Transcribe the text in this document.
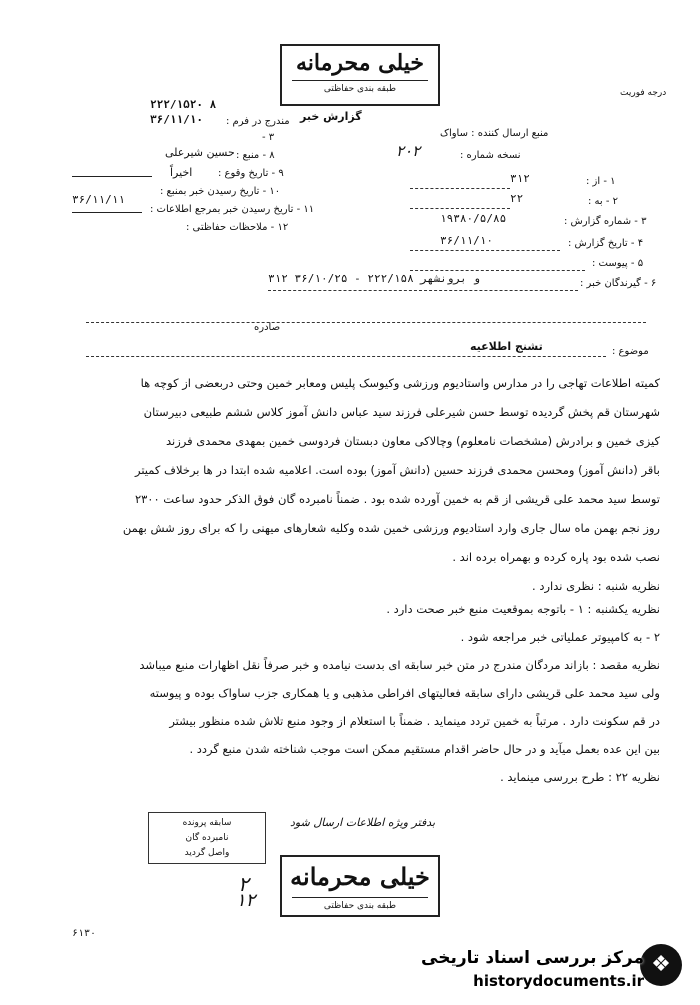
خیلی محرمانه
طبقه بندی حفاظتی	درجه فوریت
گزارش خبر
۲۲۲/۱۵۲۰ ۸
۳۶/۱۱/۱۰ مندرج در فرم :
۳ -
۸ - منبع :
حسین شیرعلی
۹ - تاریخ وقوع :
اخیراً
۱۰ - تاریخ رسیدن خبر بمنبع :
۱۱ - تاریخ رسیدن خبر بمرجع اطلاعات :
۳۶/۱۱/۱۱
۱۲ - ملاحظات حفاظتی :
منبع ارسال کننده : ساواک
نسخه شماره :
٢٠٢
۱ - از :
۳۱۲
۲ - به :
۲۲
۳ - شماره گزارش :
۱۹۳۸۰/۵/۸۵
۴ - تاریخ گزارش :
۳۶/۱۱/۱۰
۵ - پیوست :
۶ - گیرندگان خبر :
۳۱۲ و برونشهر ۲۲۲/۱۵۸ - ۳۶/۱۰/۲۵
صادره
موضوع :
تشنج اطلاعیه
کمیته اطلاعات تهاجی را در مدارس واستادیوم ورزشی وکیوسک پلیس ومعابر خمین وحتی دربعضی از کوچه ها
شهرستان قم پخش گردیده توسط حسن شیرعلی فرزند سید عباس دانش آموز کلاس ششم طبیعی دبیرستان
کیزی خمین و برادرش (مشخصات نامعلوم) وچالاکی معاون دبستان فردوسی خمین بمهدی محمدی فرزند
باقر (دانش آموز) ومحسن محمدی فرزند حسین (دانش آموز) بوده است. اعلامیه شده ابتدا در ها برخلاف کمیتر
توسط سید محمد علی قریشی از قم به خمین آورده شده بود . ضمناً نامبرده گان فوق الذکر حدود ساعت ۲۳۰۰
روز نجم بهمن ماه سال جاری وارد استادیوم ورزشی خمین شده وکلیه شعارهای میهنی را که برای روز شش بهمن
نصب شده بود پاره کرده و بهمراه برده اند .
نظریه شنبه : نظری ندارد .
نظریه یکشنبه : ۱ - باتوجه بموقعیت منبع خبر صحت دارد .
۲ - به کامپیوتر عملیاتی خبر مراجعه شود .
نظریه مقصد : بازاند مردگان مندرج در متن خبر سابقه ای بدست نیامده و خبر صرفاً نقل اظهارات منبع میباشد
ولی سید محمد علی قریشی دارای سابقه فعالیتهای افراطی مذهبی و یا همکاری جزب ساواک بوده و پیوسته
در قم سکونت دارد . مرتباً به خمین تردد مینماید . ضمناً با استعلام از وجود منبع تلاش شده منظور بیشتر
بین این عده بعمل میآید و در حال حاضر اقدام مستقیم ممکن است موجب شناخته شدن منبع گردد .
نظریه ۲۲ : طرح بررسی مینماید .
بدفتر ویژه اطلاعات ارسال شود
سابقه پرونده
نامبرده گان
واصل گردید
۲
۱۲
خیلی محرمانه
طبقه بندی حفاظتی
۶۱۳۰
❖
مرکز بررسی اسناد تاریخی
historydocuments.ir
